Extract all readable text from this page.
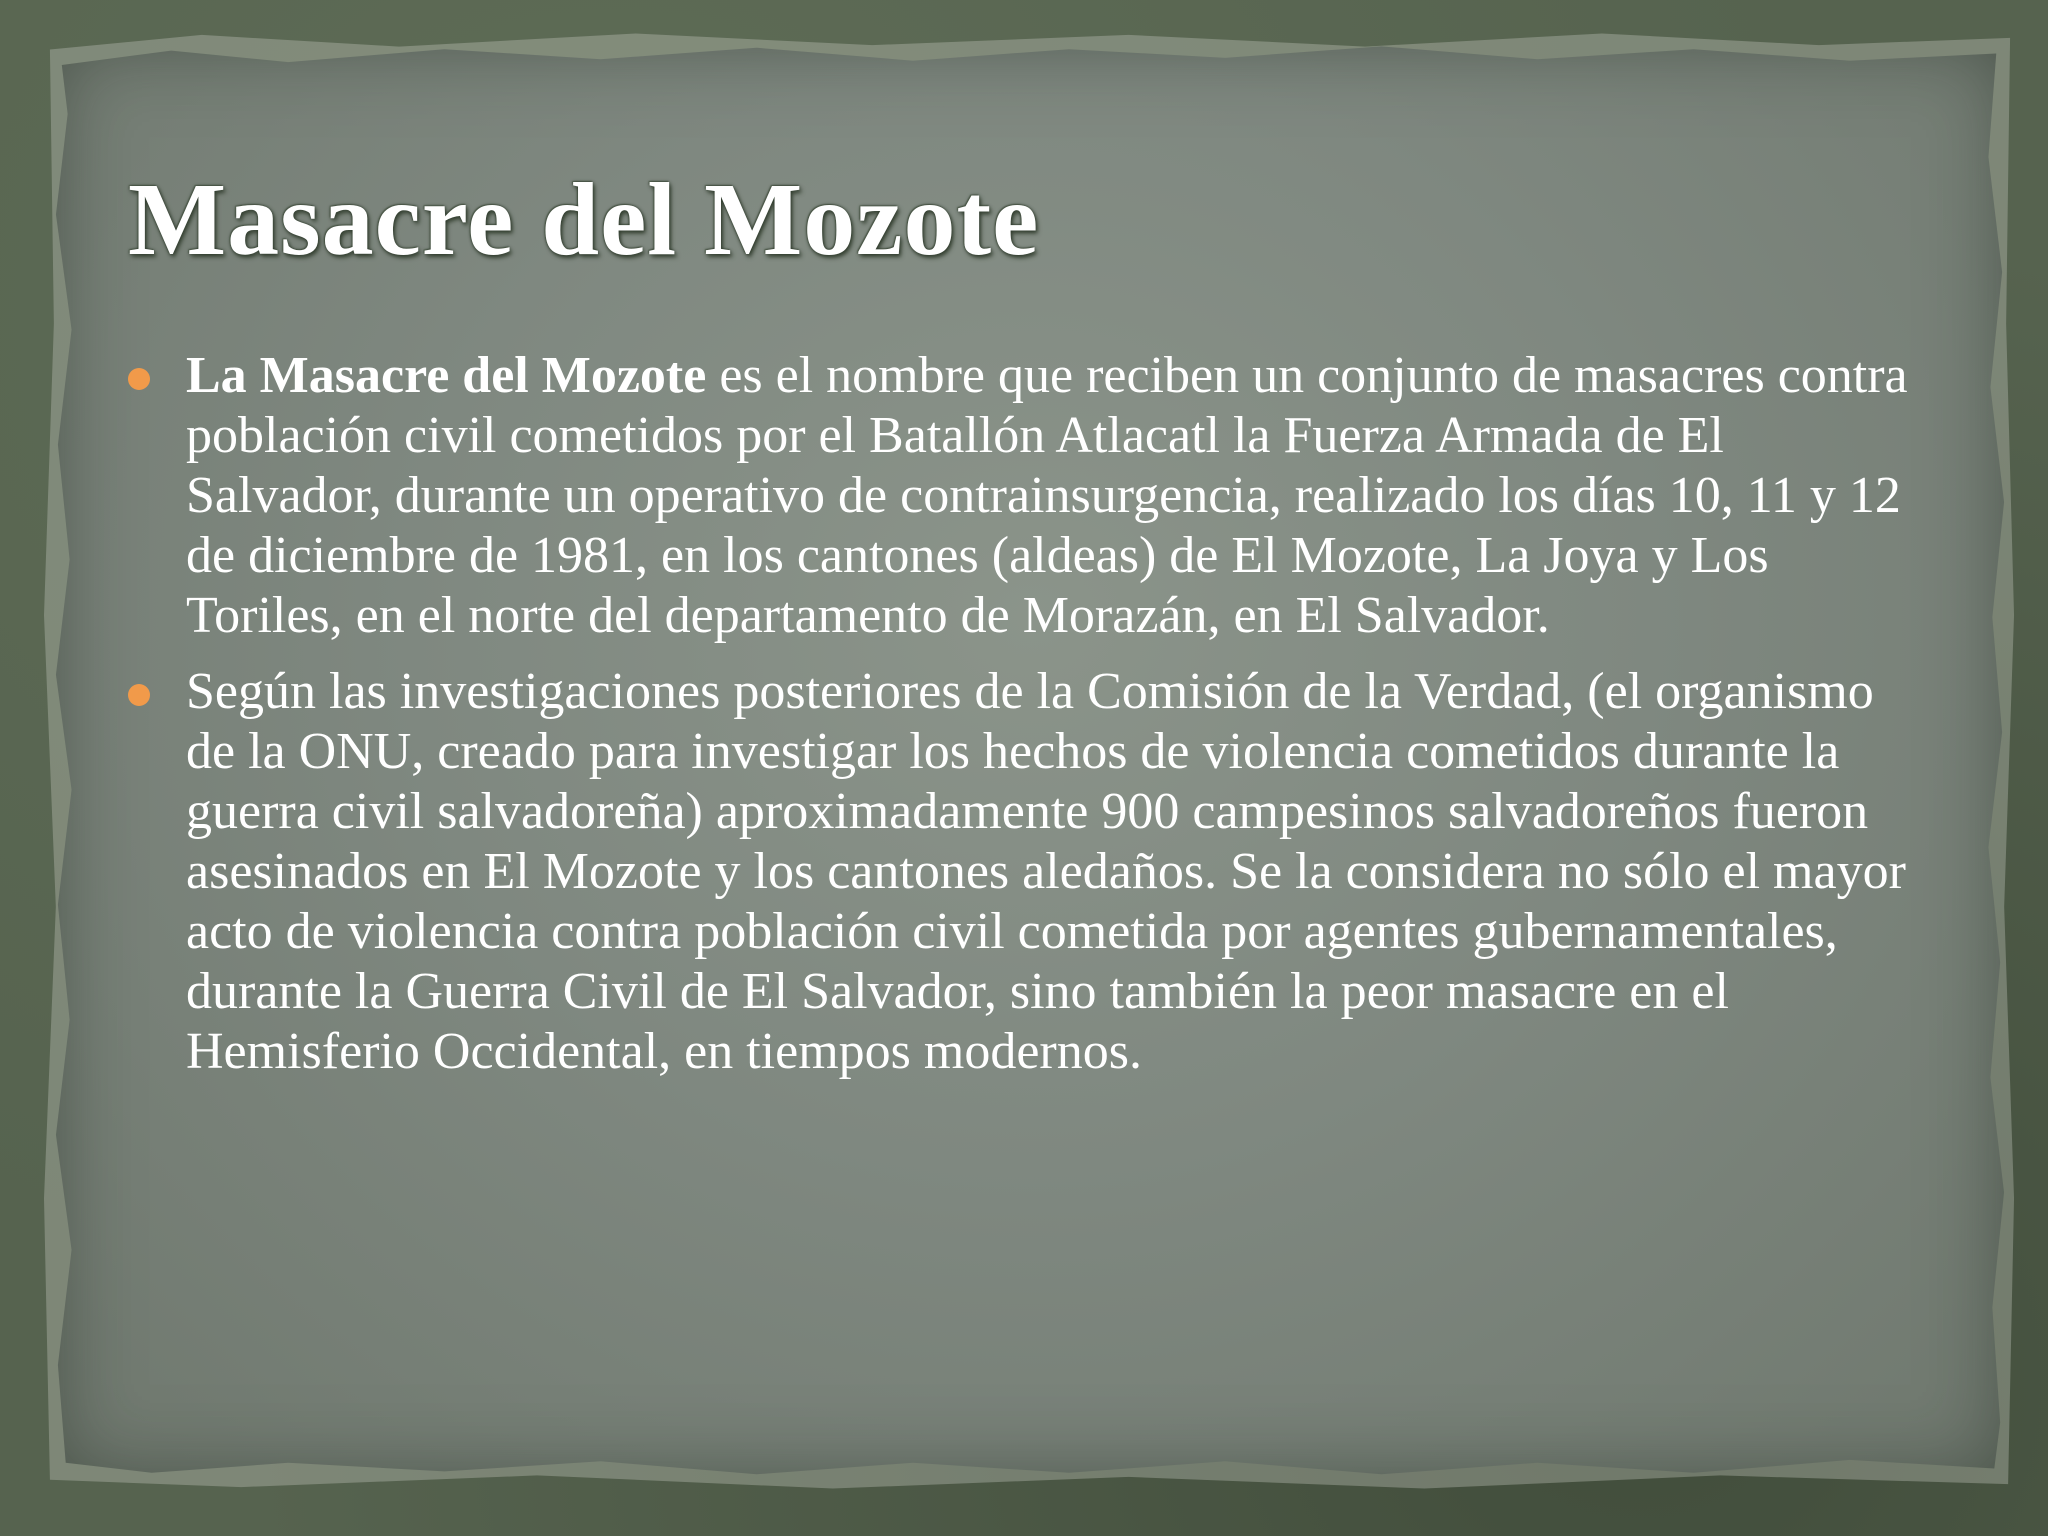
Masacre del Mozote
La Masacre del Mozote es el nombre que reciben un conjunto de masacres contra población civil cometidos por el Batallón Atlacatl la Fuerza Armada de El Salvador, durante un operativo de contrainsurgencia, realizado los días 10, 11 y 12 de diciembre de 1981, en los cantones (aldeas) de El Mozote, La Joya y Los Toriles, en el norte del departamento de Morazán, en El Salvador.
Según las investigaciones posteriores de la Comisión de la Verdad, (el organismo de la ONU, creado para investigar los hechos de violencia cometidos durante la guerra civil salvadoreña) aproximadamente 900 campesinos salvadoreños fueron asesinados en El Mozote y los cantones aledaños. Se la considera no sólo el mayor acto de violencia contra población civil cometida por agentes gubernamentales, durante la Guerra Civil de El Salvador, sino también la peor masacre en el Hemisferio Occidental, en tiempos modernos.
